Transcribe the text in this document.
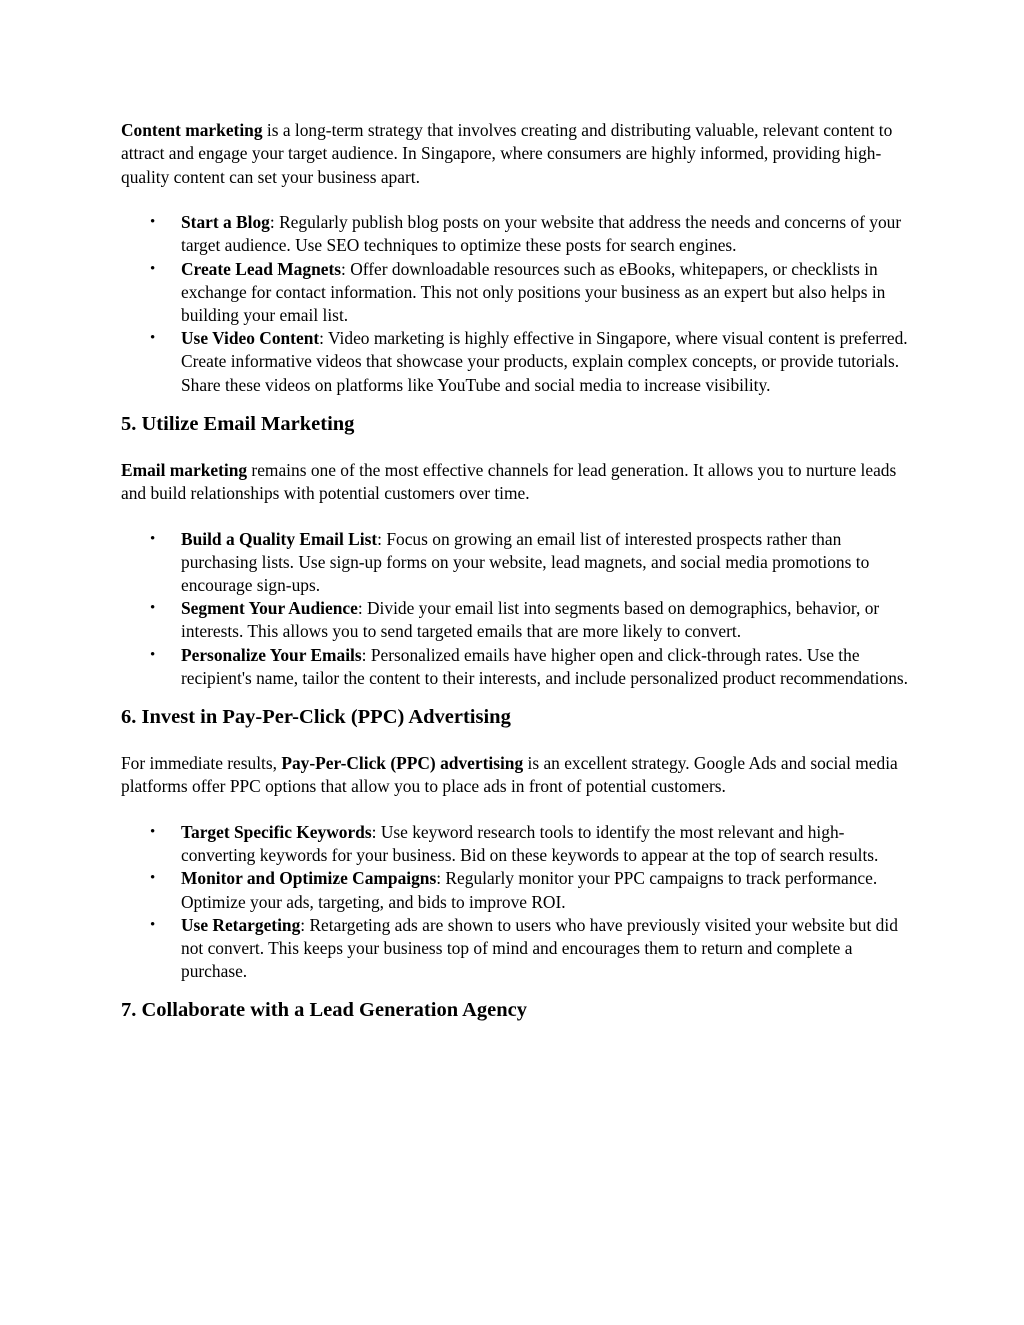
Content marketing is a long-term strategy that involves creating and distributing valuable, relevant content to attract and engage your target audience. In Singapore, where consumers are highly informed, providing high-quality content can set your business apart.

• Start a Blog: Regularly publish blog posts on your website that address the needs and concerns of your target audience. Use SEO techniques to optimize these posts for search engines.
• Create Lead Magnets: Offer downloadable resources such as eBooks, whitepapers, or checklists in exchange for contact information. This not only positions your business as an expert but also helps in building your email list.
• Use Video Content: Video marketing is highly effective in Singapore, where visual content is preferred. Create informative videos that showcase your products, explain complex concepts, or provide tutorials. Share these videos on platforms like YouTube and social media to increase visibility.
5. Utilize Email Marketing

Email marketing remains one of the most effective channels for lead generation. It allows you to nurture leads and build relationships with potential customers over time.

• Build a Quality Email List: Focus on growing an email list of interested prospects rather than purchasing lists. Use sign-up forms on your website, lead magnets, and social media promotions to encourage sign-ups.
• Segment Your Audience: Divide your email list into segments based on demographics, behavior, or interests. This allows you to send targeted emails that are more likely to convert.
• Personalize Your Emails: Personalized emails have higher open and click-through rates. Use the recipient's name, tailor the content to their interests, and include personalized product recommendations.
6. Invest in Pay-Per-Click (PPC) Advertising

For immediate results, Pay-Per-Click (PPC) advertising is an excellent strategy. Google Ads and social media platforms offer PPC options that allow you to place ads in front of potential customers.

• Target Specific Keywords: Use keyword research tools to identify the most relevant and high-converting keywords for your business. Bid on these keywords to appear at the top of search results.
• Monitor and Optimize Campaigns: Regularly monitor your PPC campaigns to track performance. Optimize your ads, targeting, and bids to improve ROI.
• Use Retargeting: Retargeting ads are shown to users who have previously visited your website but did not convert. This keeps your business top of mind and encourages them to return and complete a purchase.
7. Collaborate with a Lead Generation Agency
